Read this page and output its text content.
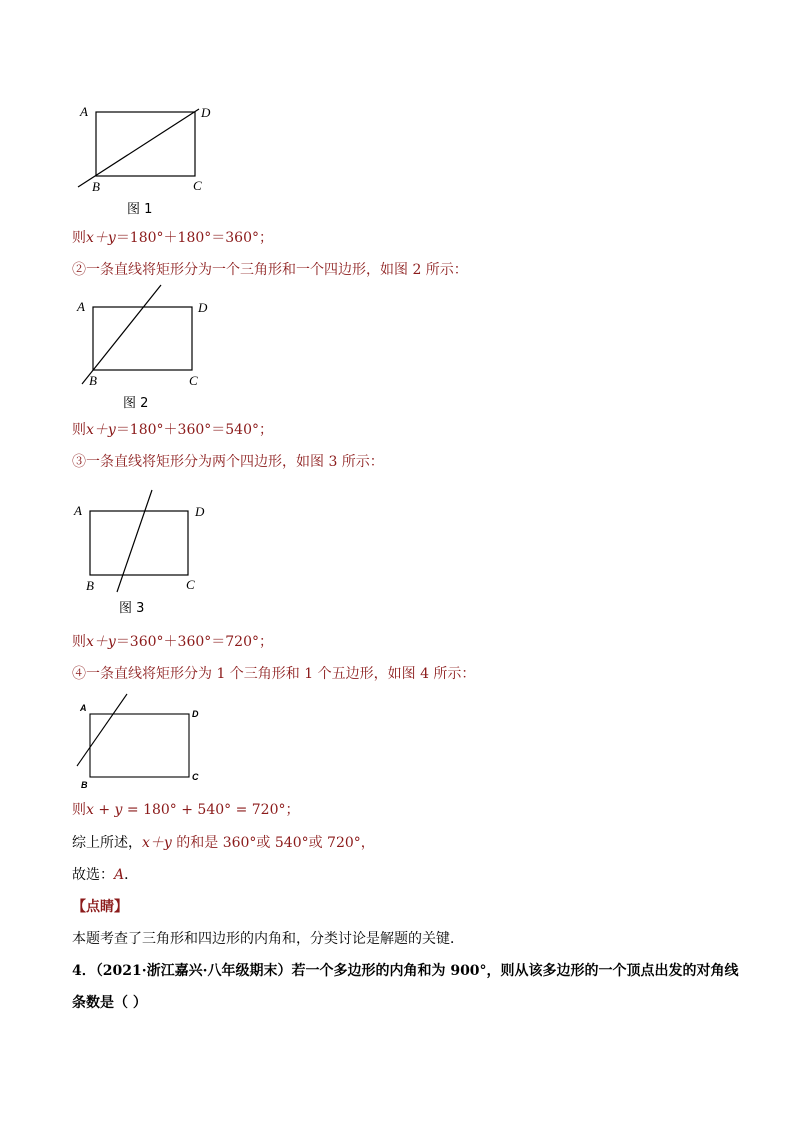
A	D
B	C
图 1
则x＋y＝180°＋180°＝360°；
②一条直线将矩形分为一个三角形和一个四边形，如图 2 所示：
A	D
B	C
图 2
则x＋y＝180°＋360°＝540°；
③一条直线将矩形分为两个四边形，如图 3 所示：
A	D
B	C
图 3
则x＋y＝360°＋360°＝720°；
④一条直线将矩形分为 1 个三角形和 1 个五边形，如图 4 所示：
A
D
B
C
则x + y = 180° + 540° = 720°；
综上所述，x＋y 的和是 360°或 540°或 720°，
故选：A．
【点睛】
本题考查了三角形和四边形的内角和，分类讨论是解题的关键．
4．（2021·浙江嘉兴·八年级期末）若一个多边形的内角和为 900°，则从该多边形的一个顶点出发的对角线
条数是（ ）
